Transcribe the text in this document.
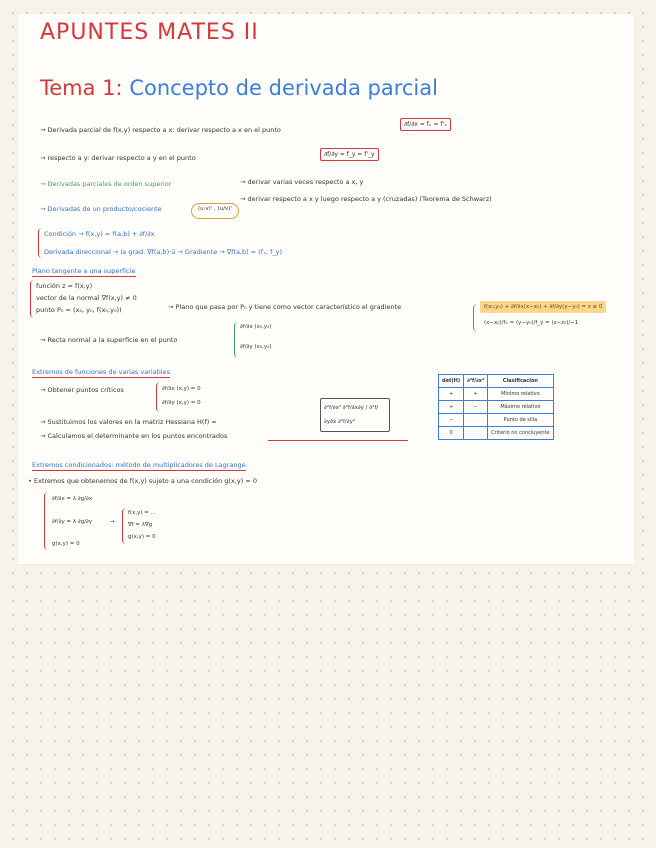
APUNTES MATES II
Tema 1: Concepto de derivada parcial
→ Derivada parcial de f(x,y) respecto a x: derivar respecto a x en el punto
∂f/∂x = fₓ = f'ₓ
→ respecto a y: derivar respecto a y en el punto	∂f/∂y = f_y = f'_y
→ Derivadas parciales de orden superior	→ derivar varias veces respecto a x, y
→ derivar respecto a x y luego respecto a y (cruzadas) (Teorema de Schwarz)
→ Derivadas de un producto/cociente	(u·v)' , (u/v)'
Condición → f(x,y) = f(a,b) + ∂f/∂x
Derivada direccional → la grad. ∇f(a,b)·ū → Gradiente → ∇f(a,b) = (fₓ, f_y)
Plano tangente a una superficie
función z = f(x,y)
vector de la normal ∇f(x,y) ≠ 0
punto P₀ = (x₀, y₀, f(x₀,y₀))	→ Plano que pasa por P₀ y tiene como vector característico el gradiente	f(x₀,y₀) + ∂f/∂x(x−x₀) + ∂f/∂y(y−y₀) = z ≥ 0
(x−x₀)/fₓ = (y−y₀)/f_y = (z−z₀)/−1
→ Recta normal a la superficie en el punto
∂f/∂x (x₀,y₀)
∂f/∂y (x₀,y₀)
Extremos de funciones de varias variables
→ Obtener puntos críticos	∂f/∂x (x,y) = 0
∂f/∂y (x,y) = 0
→ Sustituimos los valores en la matriz Hessiana H(f) =
∂²f/∂x² ∂²f/∂x∂y / ∂²f/∂y∂x ∂²f/∂y²
→ Calculamos el determinante en los puntos encontrados
det(H)	∂²f/∂x²	Clasificación
+	+	Mínimo relativo
+	−	Máximo relativo
−		Punto de silla
0		Criterio no concluyente
Extremos condicionados: método de multiplicadores de Lagrange
• Extremos que obtenemos de f(x,y) sujeto a una condición g(x,y) = 0
∂f/∂x = λ ∂g/∂x
∂f/∂y = λ ∂g/∂y
g(x,y) = 0
→
f(x,y) = ...
∇f = λ∇g
g(x,y) = 0
